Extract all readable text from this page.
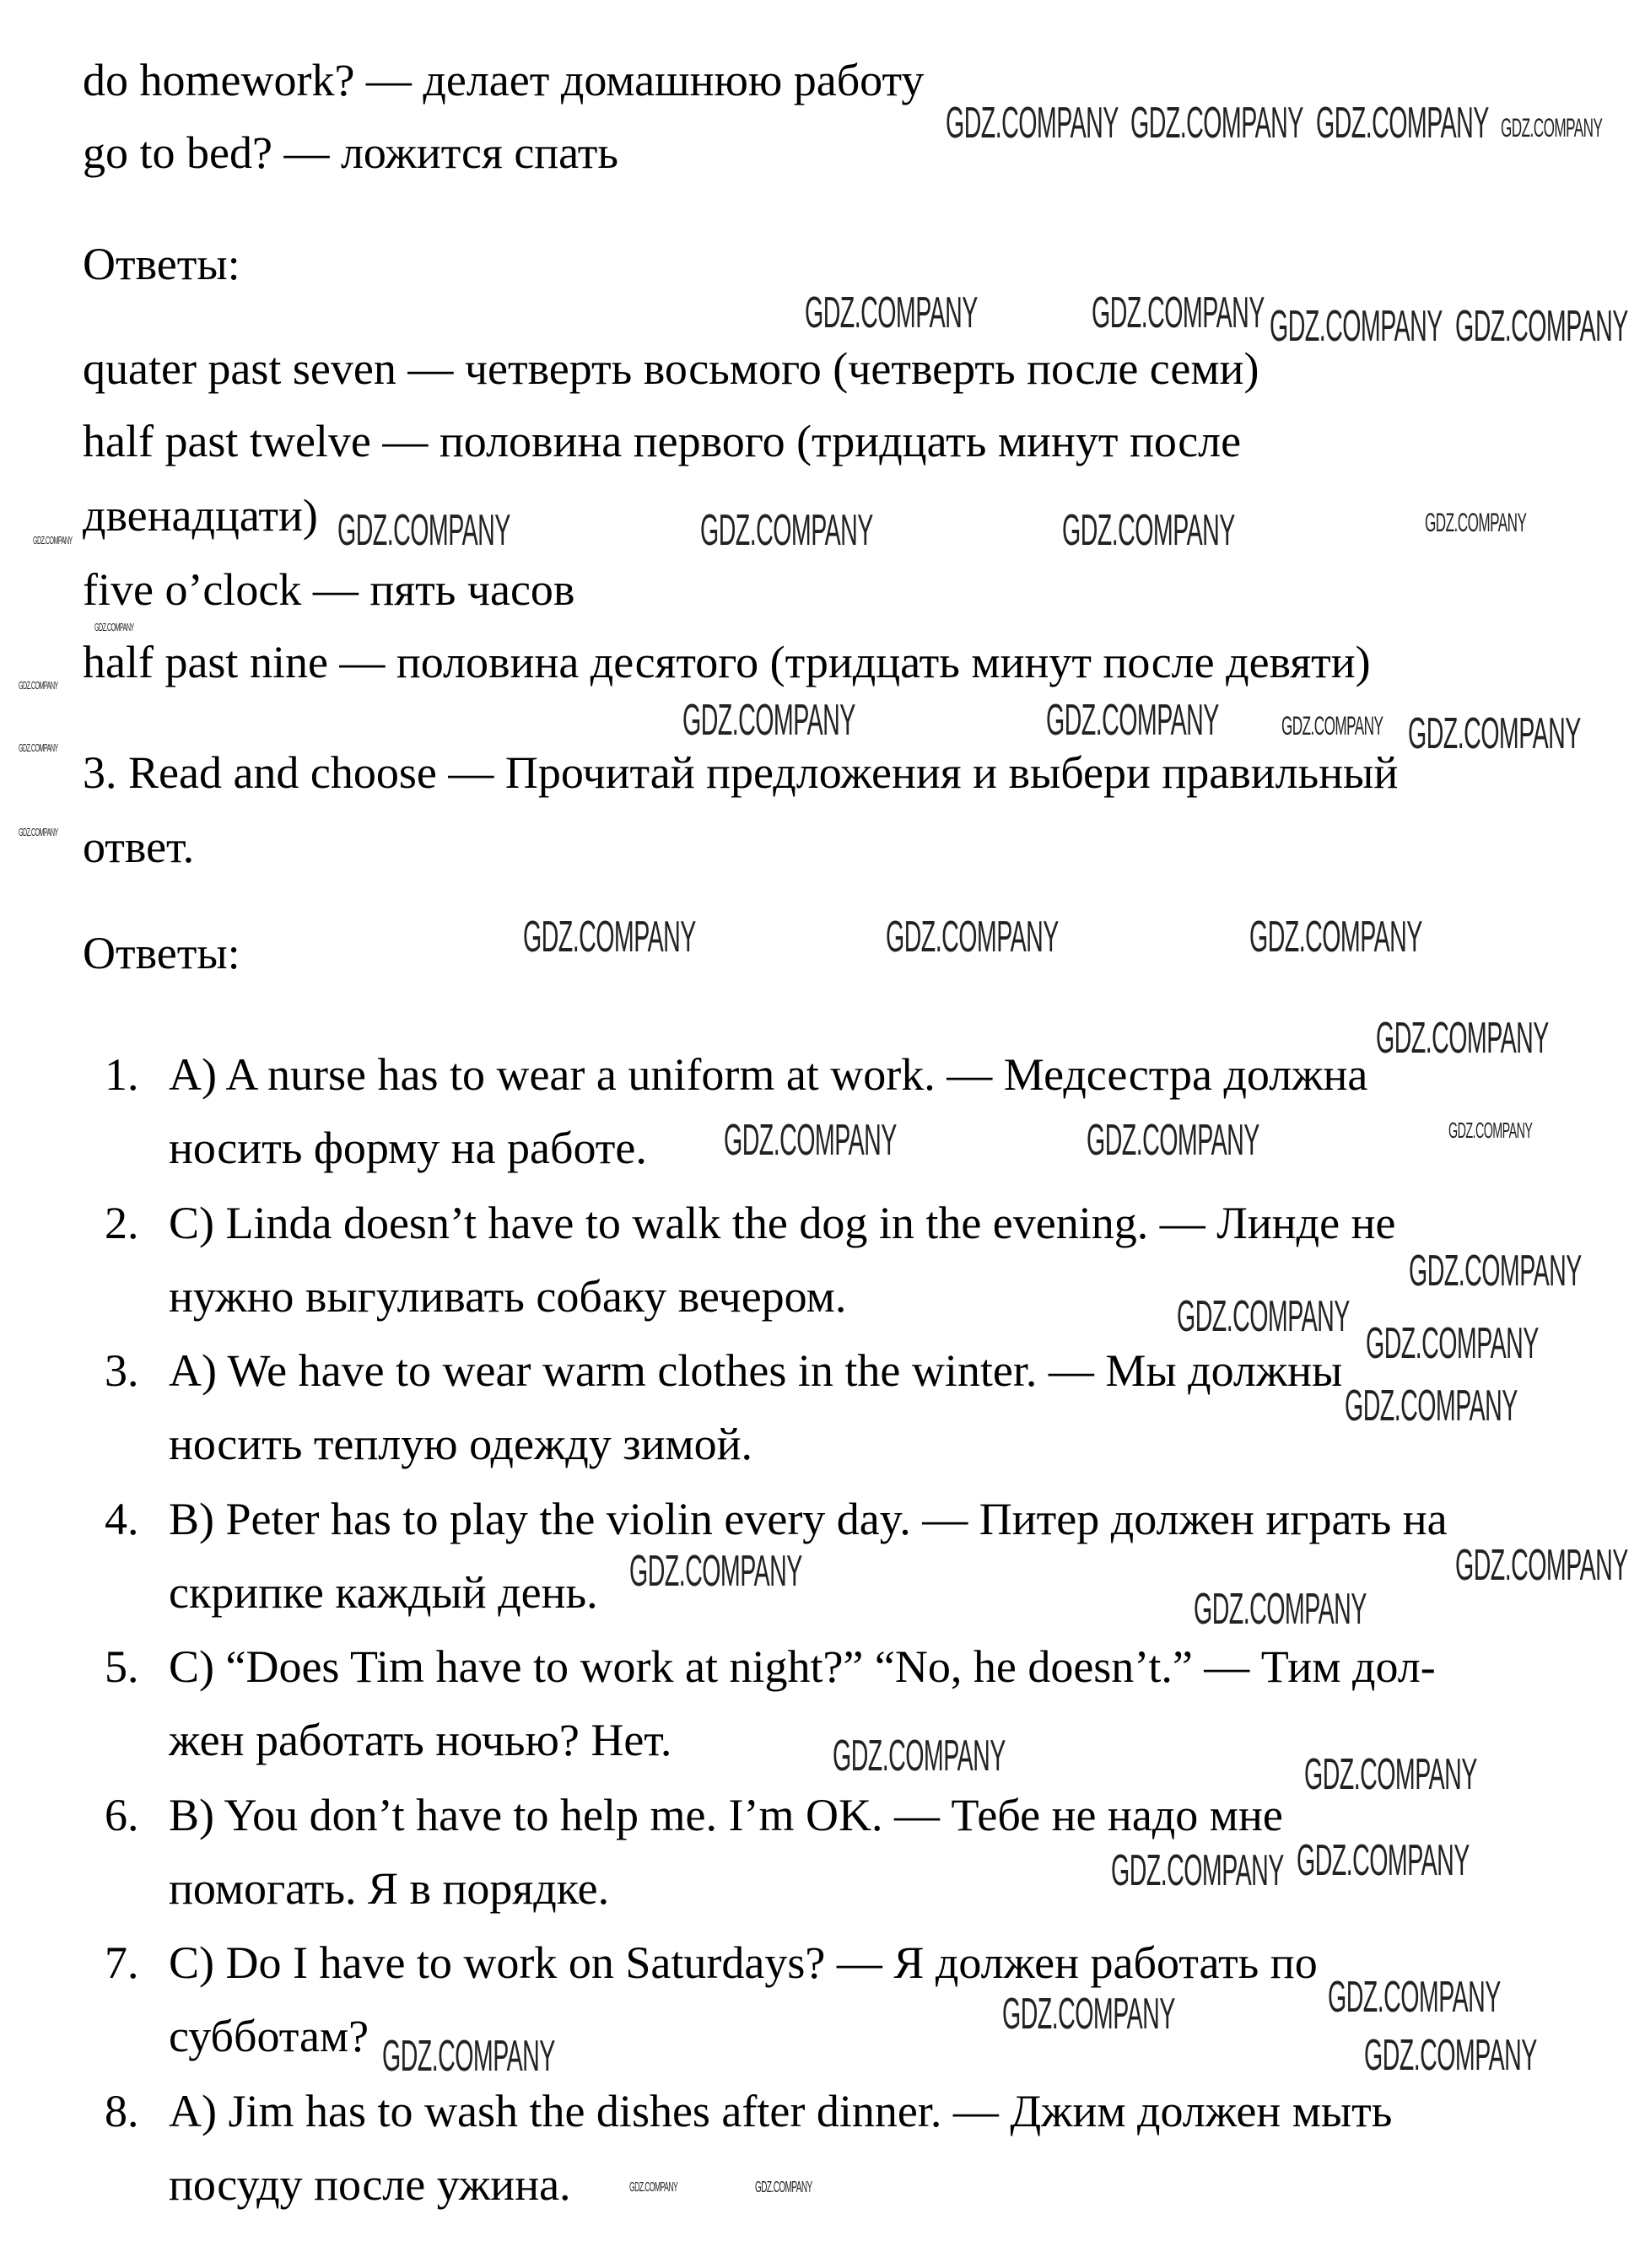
do homework? — делает домашнюю работу
go to bed? — ложится спать
Ответы:
quater past seven — четверть восьмого (четверть после семи)
half past twelve — половина первого (тридцать минут после
двенадцати)
five o’clock — пять часов
half past nine — половина десятого (тридцать минут после девяти)
3. Read and choose — Прочитай предложения и выбери правильный
ответ.
Ответы:
1. A) A nurse has to wear a uniform at work. — Медсестра должна
носить форму на работе.
2. C) Linda doesn’t have to walk the dog in the evening. — Линде не
нужно выгуливать собаку вечером.
3. A) We have to wear warm clothes in the winter. — Мы должны
носить теплую одежду зимой.
4. B) Peter has to play the violin every day. — Питер должен играть на
скрипке каждый день.
5. C) “Does Tim have to work at night?” “No, he doesn’t.” — Тим дол-
жен работать ночью? Нет.
6. B) You don’t have to help me. I’m OK. — Тебе не надо мне
помогать. Я в порядке.
7. C) Do I have to work on Saturdays? — Я должен работать по
субботам?
8. A) Jim has to wash the dishes after dinner. — Джим должен мыть
посуду после ужина.
GDZ.COMPANY GDZ.COMPANY GDZ.COMPANY GDZ.COMPANY
GDZ.COMPANY GDZ.COMPANY
GDZ.COMPANY	GDZ.COMPANY
GDZ.COMPANY	GDZ.COMPANY	GDZ.COMPANY	GDZ.COMPANY
GDZ.COMPANY
GDZ.COMPANY
GDZ.COMPANY
GDZ.COMPANY
GDZ.COMPANY	GDZ.COMPANY GDZ.COMPANY
GDZ.COMPANY
GDZ.COMPANY
GDZ.COMPANY	GDZ.COMPANY	GDZ.COMPANY
GDZ.COMPANY
GDZ.COMPANY	GDZ.COMPANY	GDZ.COMPANY
GDZ.COMPANY
GDZ.COMPANY
GDZ.COMPANY
GDZ.COMPANY
GDZ.COMPANY
GDZ.COMPANY
GDZ.COMPANY
GDZ.COMPANY	GDZ.COMPANY
GDZ.COMPANY
GDZ.COMPANY
GDZ.COMPANY
GDZ.COMPANY
GDZ.COMPANY
GDZ.COMPANY
GDZ.COMPANY	GDZ.COMPANY
